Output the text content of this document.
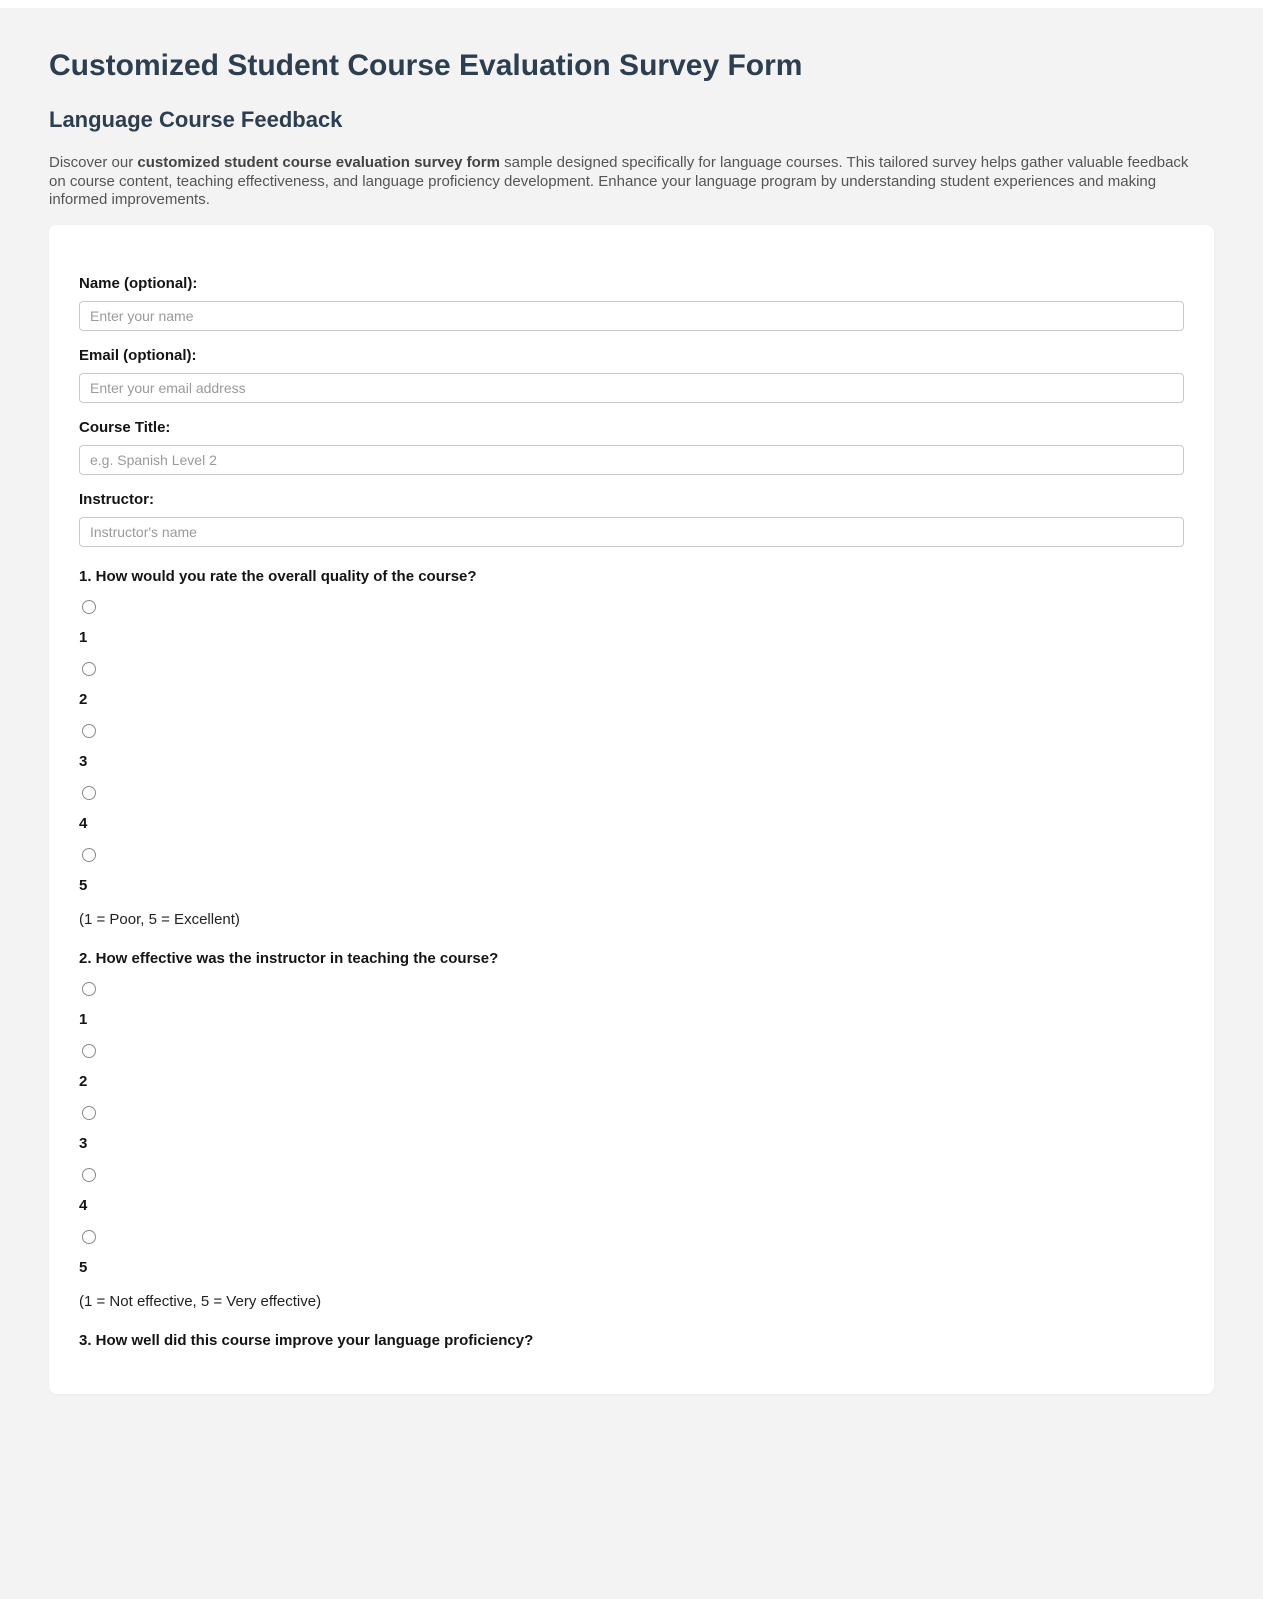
Customized Student Course Evaluation Survey Form
Language Course Feedback

Discover our customized student course evaluation survey form sample designed specifically for language courses. This tailored survey helps gather valuable feedback on course content, teaching effectiveness, and language proficiency development. Enhance your language program by understanding student experiences and making informed improvements.

Name (optional):
Enter your name
Email (optional):
Enter your email address
Course Title:
e.g. Spanish Level 2
Instructor:
Instructor's name
1. How would you rate the overall quality of the course?
1
2
3
4
5
(1 = Poor, 5 = Excellent)
2. How effective was the instructor in teaching the course?
1
2
3
4
5
(1 = Not effective, 5 = Very effective)
3. How well did this course improve your language proficiency?
